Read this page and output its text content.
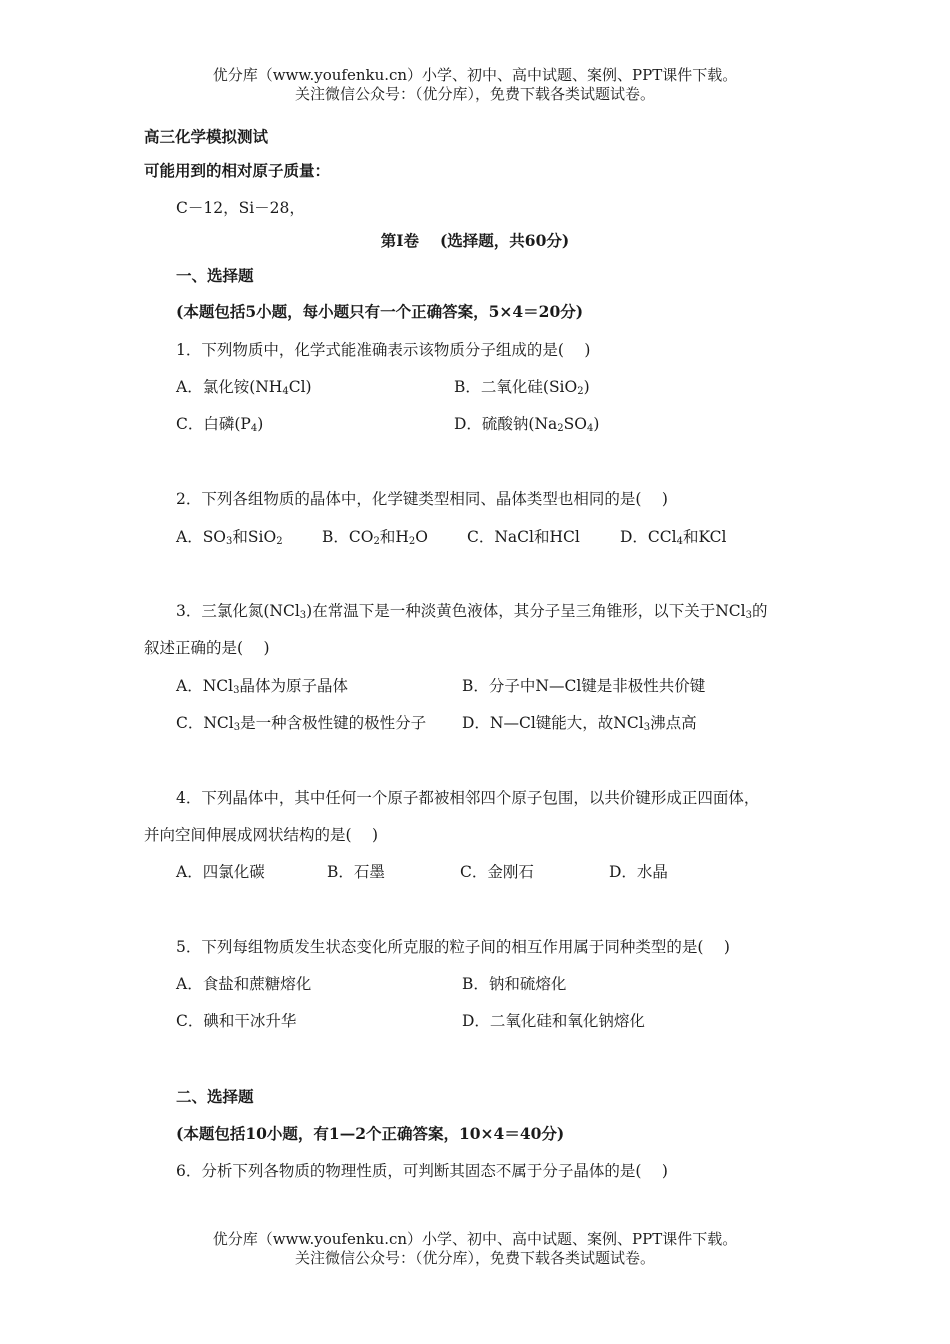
优分库（www.youfenku.cn）小学、初中、高中试题、案例、PPT课件下载。
关注微信公众号：（优分库），免费下载各类试题试卷。
高三化学模拟测试
可能用到的相对原子质量：
C－12，Si－28，
第Ⅰ卷　 (选择题，共60分)
一、选择题
(本题包括5小题，每小题只有一个正确答案，5×4＝20分)
1．下列物质中，化学式能准确表示该物质分子组成的是(　 )
A．氯化铵$(NH_4Cl)$	B．二氧化硅(SiO$_2$)
C．白磷$(P_4)$	D．硫酸钠$(Na_2SO_4)$
2．下列各组物质的晶体中，化学键类型相同、晶体类型也相同的是(　 )
A．$SO_3$和SiO$_2$	B．$CO_2$和$H_2O$	C．NaCl和HCl	D．CCl$_4$和KCl
3．三氯化氮(NCl$_3$)在常温下是一种淡黄色液体，其分子呈三角锥形，以下关于NCl$_3$的
叙述正确的是(　 )
A．NCl$_3$晶体为原子晶体	B．分子中N—Cl键是非极性共价键
C．NCl$_3$是一种含极性键的极性分子 D．N—Cl键能大，故NCl$_3$沸点高
4．下列晶体中，其中任何一个原子都被相邻四个原子包围，以共价键形成正四面体，
并向空间伸展成网状结构的是(　 )
A．四氯化碳	B．石墨	C．金刚石	D．水晶
5．下列每组物质发生状态变化所克服的粒子间的相互作用属于同种类型的是(　 )
A．食盐和蔗糖熔化	B．钠和硫熔化
C．碘和干冰升华	D．二氧化硅和氧化钠熔化
二、选择题
(本题包括10小题，有1—2个正确答案，10×4＝40分)
6．分析下列各物质的物理性质，可判断其固态不属于分子晶体的是(　 )
优分库（www.youfenku.cn）小学、初中、高中试题、案例、PPT课件下载。
关注微信公众号：（优分库），免费下载各类试题试卷。
